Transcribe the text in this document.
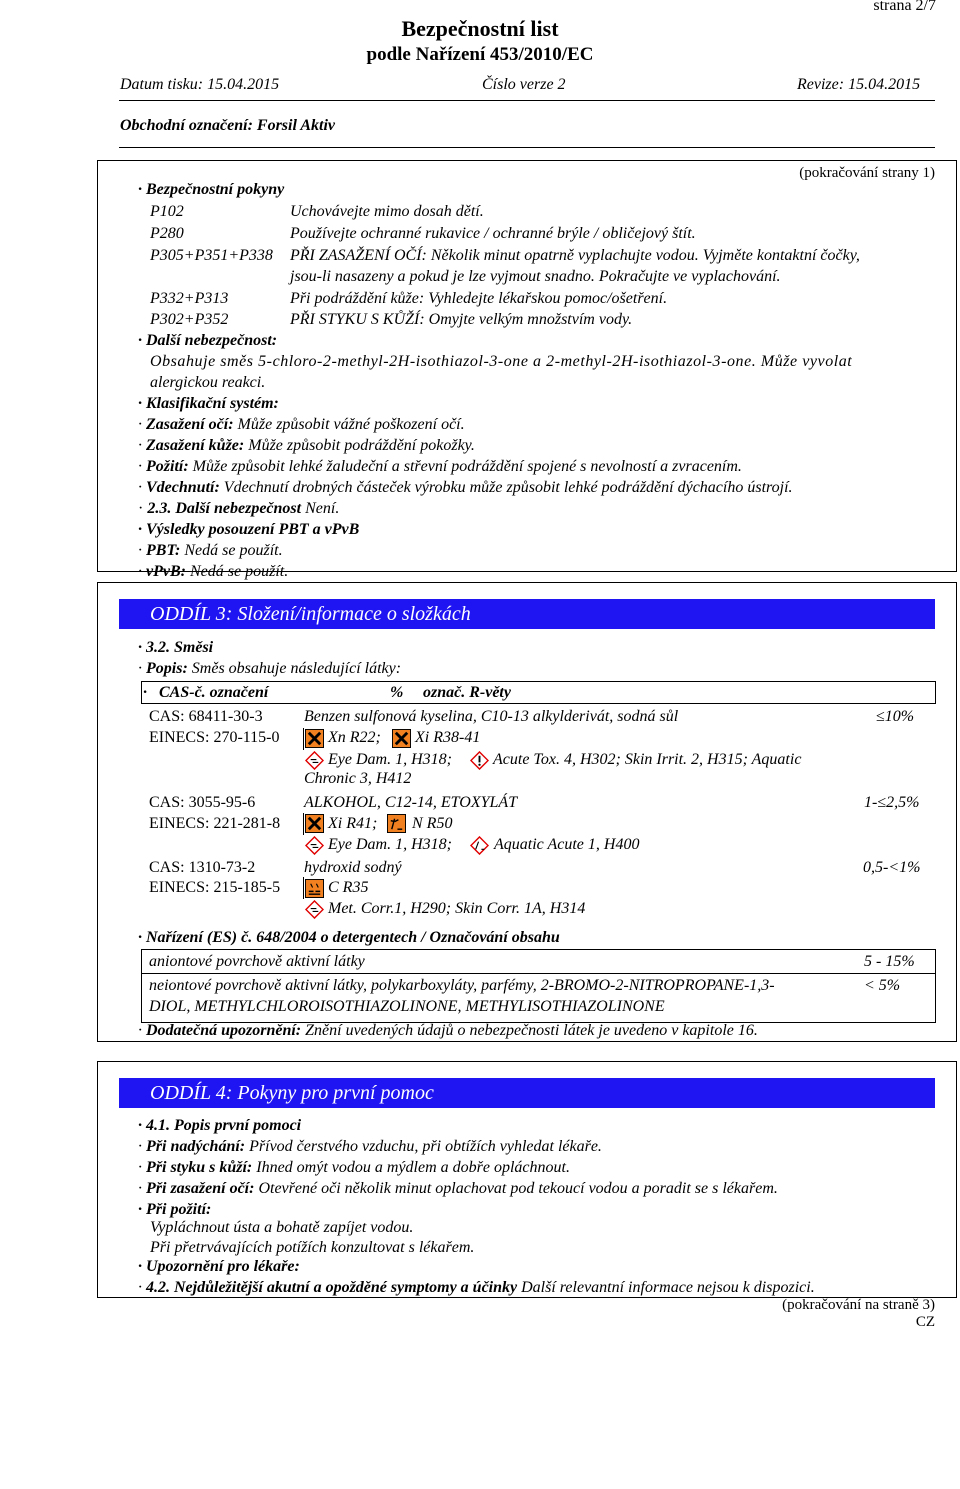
strana 2/7
Bezpečnostní list
podle Nařízení 453/2010/EC
Datum tisku: 15.04.2015	Číslo verze 2	Revize: 15.04.2015
Obchodní označení: Forsil Aktiv
(pokračování strany 1)
· Bezpečnostní pokyny
P102	Uchovávejte mimo dosah dětí.
P280	Používejte ochranné rukavice / ochranné brýle / obličejový štít.
P305+P351+P338 PŘI ZASAŽENÍ OČÍ: Několik minut opatrně vyplachujte vodou. Vyjměte kontaktní čočky,
jsou-li nasazeny a pokud je lze vyjmout snadno. Pokračujte ve vyplachování.
P332+P313	Při podráždění kůže: Vyhledejte lékařskou pomoc/ošetření.
P302+P352	PŘI STYKU S KŮŽÍ: Omyjte velkým množstvím vody.
· Další nebezpečnost:
Obsahuje směs 5-chloro-2-methyl-2H-isothiazol-3-one a 2-methyl-2H-isothiazol-3-one. Může vyvolat
alergickou reakci.
· Klasifikační systém:
· Zasažení očí: Může způsobit vážné poškození očí.
· Zasažení kůže: Může způsobit podráždění pokožky.
· Požití: Může způsobit lehké žaludeční a střevní podráždění spojené s nevolností a zvracením.
· Vdechnutí: Vdechnutí drobných částeček výrobku může způsobit lehké podráždění dýchacího ústrojí.
· 2.3. Další nebezpečnost Není.
· Výsledky posouzení PBT a vPvB
· PBT: Nedá se použít.
· vPvB: Nedá se použít.
ODDÍL 3: Složení/informace o složkách
· 3.2. Směsi
· Popis: Směs obsahuje následující látky:
·   CAS-č. označení	% označ. R-věty
CAS: 68411-30-3
EINECS: 270-115-0
Benzen sulfonová kyselina, C10-13 alkylderivát, sodná sůl	≤10%
Xn R22; Xi R38-41
Eye Dam. 1, H318;	Acute Tox. 4, H302; Skin Irrit. 2, H315; Aquatic
Chronic 3, H412
CAS: 3055-95-6
EINECS: 221-281-8
ALKOHOL, C12-14, ETOXYLÁT	1-≤2,5%
Xi R41; N R50
Eye Dam. 1, H318;	Aquatic Acute 1, H400
CAS: 1310-73-2
EINECS: 215-185-5
hydroxid sodný	0,5-<1%
C R35
Met. Corr.1, H290; Skin Corr. 1A, H314
· Nařízení (ES) č. 648/2004 o detergentech / Označování obsahu
aniontové povrchově aktivní látky	5 - 15%
neiontové povrchově aktivní látky, polykarboxyláty, parfémy, 2-BROMO-2-NITROPROPANE-1,3-
DIOL, METHYLCHLOROISOTHIAZOLINONE, METHYLISOTHIAZOLINONE
< 5%
· Dodatečná upozornění: Znění uvedených údajů o nebezpečnosti látek je uvedeno v kapitole 16.
ODDÍL 4: Pokyny pro první pomoc
· 4.1. Popis první pomoci
· Při nadýchání: Přívod čerstvého vzduchu, při obtížích vyhledat lékaře.
· Při styku s kůží: Ihned omýt vodou a mýdlem a dobře opláchnout.
· Při zasažení očí: Otevřené oči několik minut oplachovat pod tekoucí vodou a poradit se s lékařem.
· Při požití:
Vypláchnout ústa a bohatě zapíjet vodou.
Při přetrvávajících potížích konzultovat s lékařem.
· Upozornění pro lékaře:
· 4.2. Nejdůležitější akutní a opožděné symptomy a účinky Další relevantní informace nejsou k dispozici.
(pokračování na straně 3)
CZ
